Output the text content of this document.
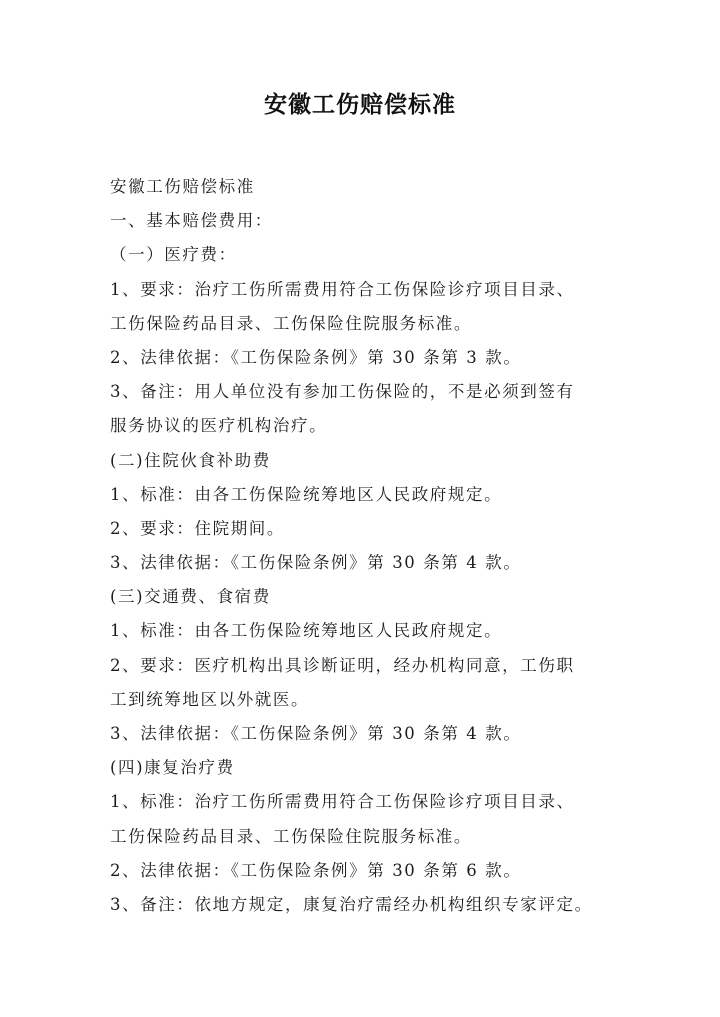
安徽工伤赔偿标准
安徽工伤赔偿标准
一、基本赔偿费用：
（一）医疗费：
1、要求：治疗工伤所需费用符合工伤保险诊疗项目目录、
工伤保险药品目录、工伤保险住院服务标准。
2、法律依据：《工伤保险条例》第 30 条第 3 款。
3、备注：用人单位没有参加工伤保险的，不是必须到签有
服务协议的医疗机构治疗。
(二)住院伙食补助费
1、标准：由各工伤保险统筹地区人民政府规定。
2、要求：住院期间。
3、法律依据：《工伤保险条例》第 30 条第 4 款。
(三)交通费、食宿费
1、标准：由各工伤保险统筹地区人民政府规定。
2、要求：医疗机构出具诊断证明，经办机构同意，工伤职
工到统筹地区以外就医。
3、法律依据：《工伤保险条例》第 30 条第 4 款。
(四)康复治疗费
1、标准：治疗工伤所需费用符合工伤保险诊疗项目目录、
工伤保险药品目录、工伤保险住院服务标准。
2、法律依据：《工伤保险条例》第 30 条第 6 款。
3、备注：依地方规定，康复治疗需经办机构组织专家评定。
